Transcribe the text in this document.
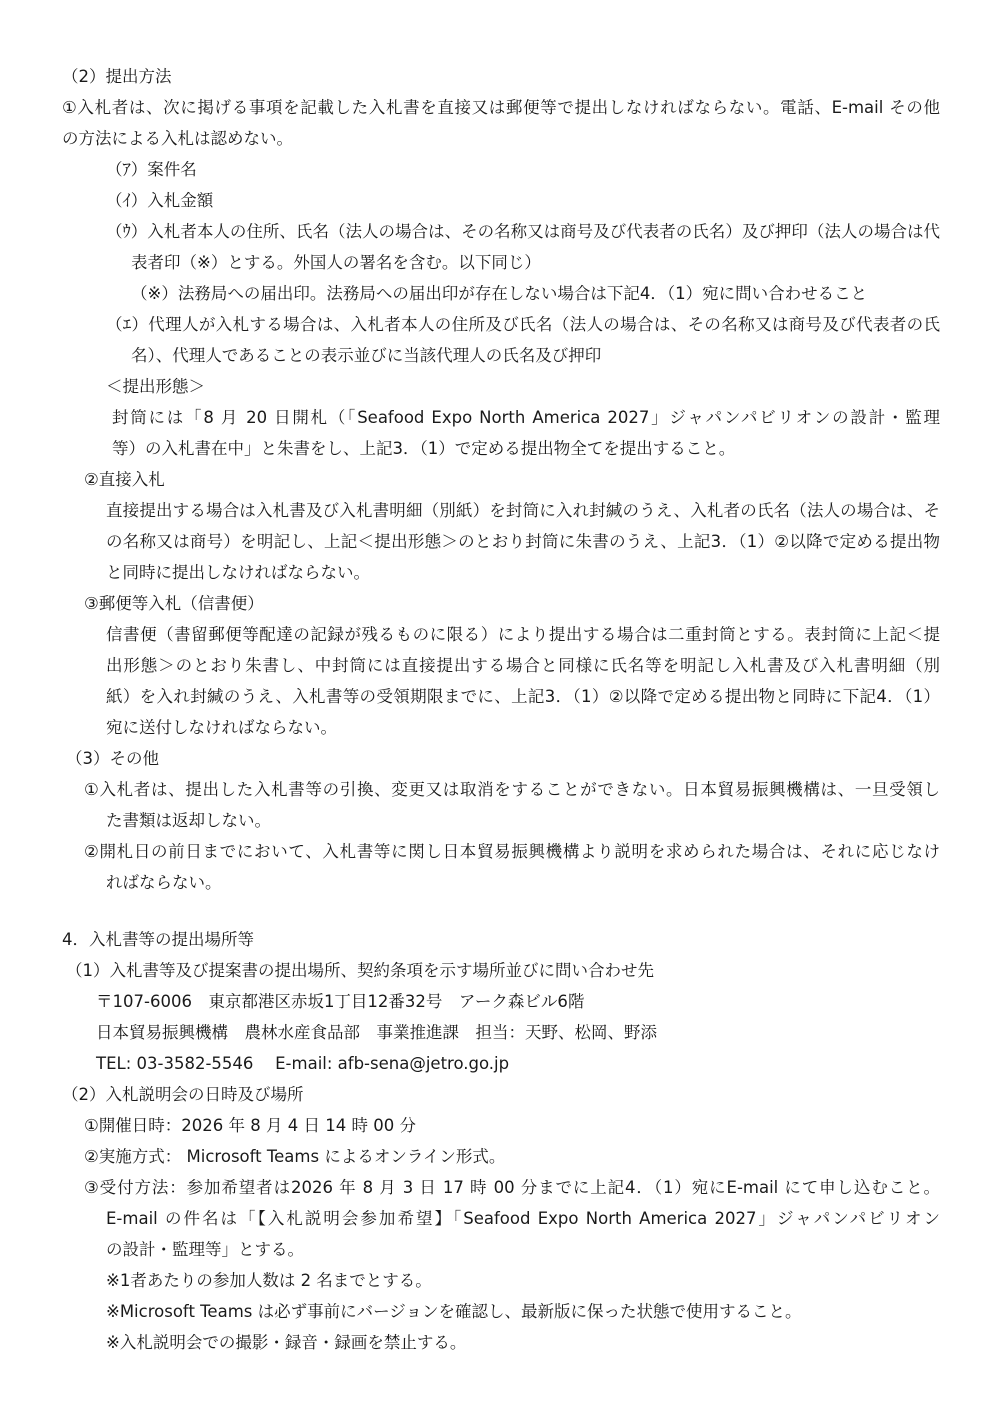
（2）提出方法
①入札者は、次に掲げる事項を記載した入札書を直接又は郵便等で提出しなければならない。電話、E-mail その他
の方法による入札は認めない。
（ｱ）案件名
（ｲ）入札金額
（ｳ）入札者本人の住所、氏名（法人の場合は、その名称又は商号及び代表者の氏名）及び押印（法人の場合は代
表者印（※）とする。外国人の署名を含む。以下同じ）
（※）法務局への届出印。法務局への届出印が存在しない場合は下記4．（1）宛に問い合わせること
（ｴ）代理人が入札する場合は、入札者本人の住所及び氏名（法人の場合は、その名称又は商号及び代表者の氏
名）、代理人であることの表示並びに当該代理人の氏名及び押印
＜提出形態＞
封筒には「8 月 20 日開札（「Seafood Expo North America 2027」ジャパンパビリオンの設計・監理
等）の入札書在中」と朱書をし、上記3．（1）で定める提出物全てを提出すること。
②直接入札
直接提出する場合は入札書及び入札書明細（別紙）を封筒に入れ封緘のうえ、入札者の氏名（法人の場合は、そ
の名称又は商号）を明記し、上記＜提出形態＞のとおり封筒に朱書のうえ、上記3．（1）②以降で定める提出物
と同時に提出しなければならない。
③郵便等入札（信書便）
信書便（書留郵便等配達の記録が残るものに限る）により提出する場合は二重封筒とする。表封筒に上記＜提
出形態＞のとおり朱書し、中封筒には直接提出する場合と同様に氏名等を明記し入札書及び入札書明細（別
紙）を入れ封緘のうえ、入札書等の受領期限までに、上記3．（1）②以降で定める提出物と同時に下記4．（1）
宛に送付しなければならない。
（3）その他
①入札者は、提出した入札書等の引換、変更又は取消をすることができない。日本貿易振興機構は、一旦受領し
た書類は返却しない。
②開札日の前日までにおいて、入札書等に関し日本貿易振興機構より説明を求められた場合は、それに応じなけ
ればならない。
4．入札書等の提出場所等
（1）入札書等及び提案書の提出場所、契約条項を示す場所並びに問い合わせ先
〒107-6006　東京都港区赤坂1丁目12番32号　アーク森ビル6階
日本貿易振興機構　農林水産食品部　事業推進課　担当：天野、松岡、野添
TEL: 03-3582-5546　 E-mail: afb-sena@jetro.go.jp
（2）入札説明会の日時及び場所
①開催日時：2026 年 8 月 4 日 14 時 00 分
②実施方式： Microsoft Teams によるオンライン形式。
③受付方法：参加希望者は2026 年 8 月 3 日 17 時 00 分までに上記4．（1）宛にE-mail にて申し込むこと。
E-mail の件名は「【入札説明会参加希望】「Seafood Expo North America 2027」ジャパンパビリオン
の設計・監理等」とする。
※1者あたりの参加人数は 2 名までとする。
※Microsoft Teams は必ず事前にバージョンを確認し、最新版に保った状態で使用すること。
※入札説明会での撮影・録音・録画を禁止する。
